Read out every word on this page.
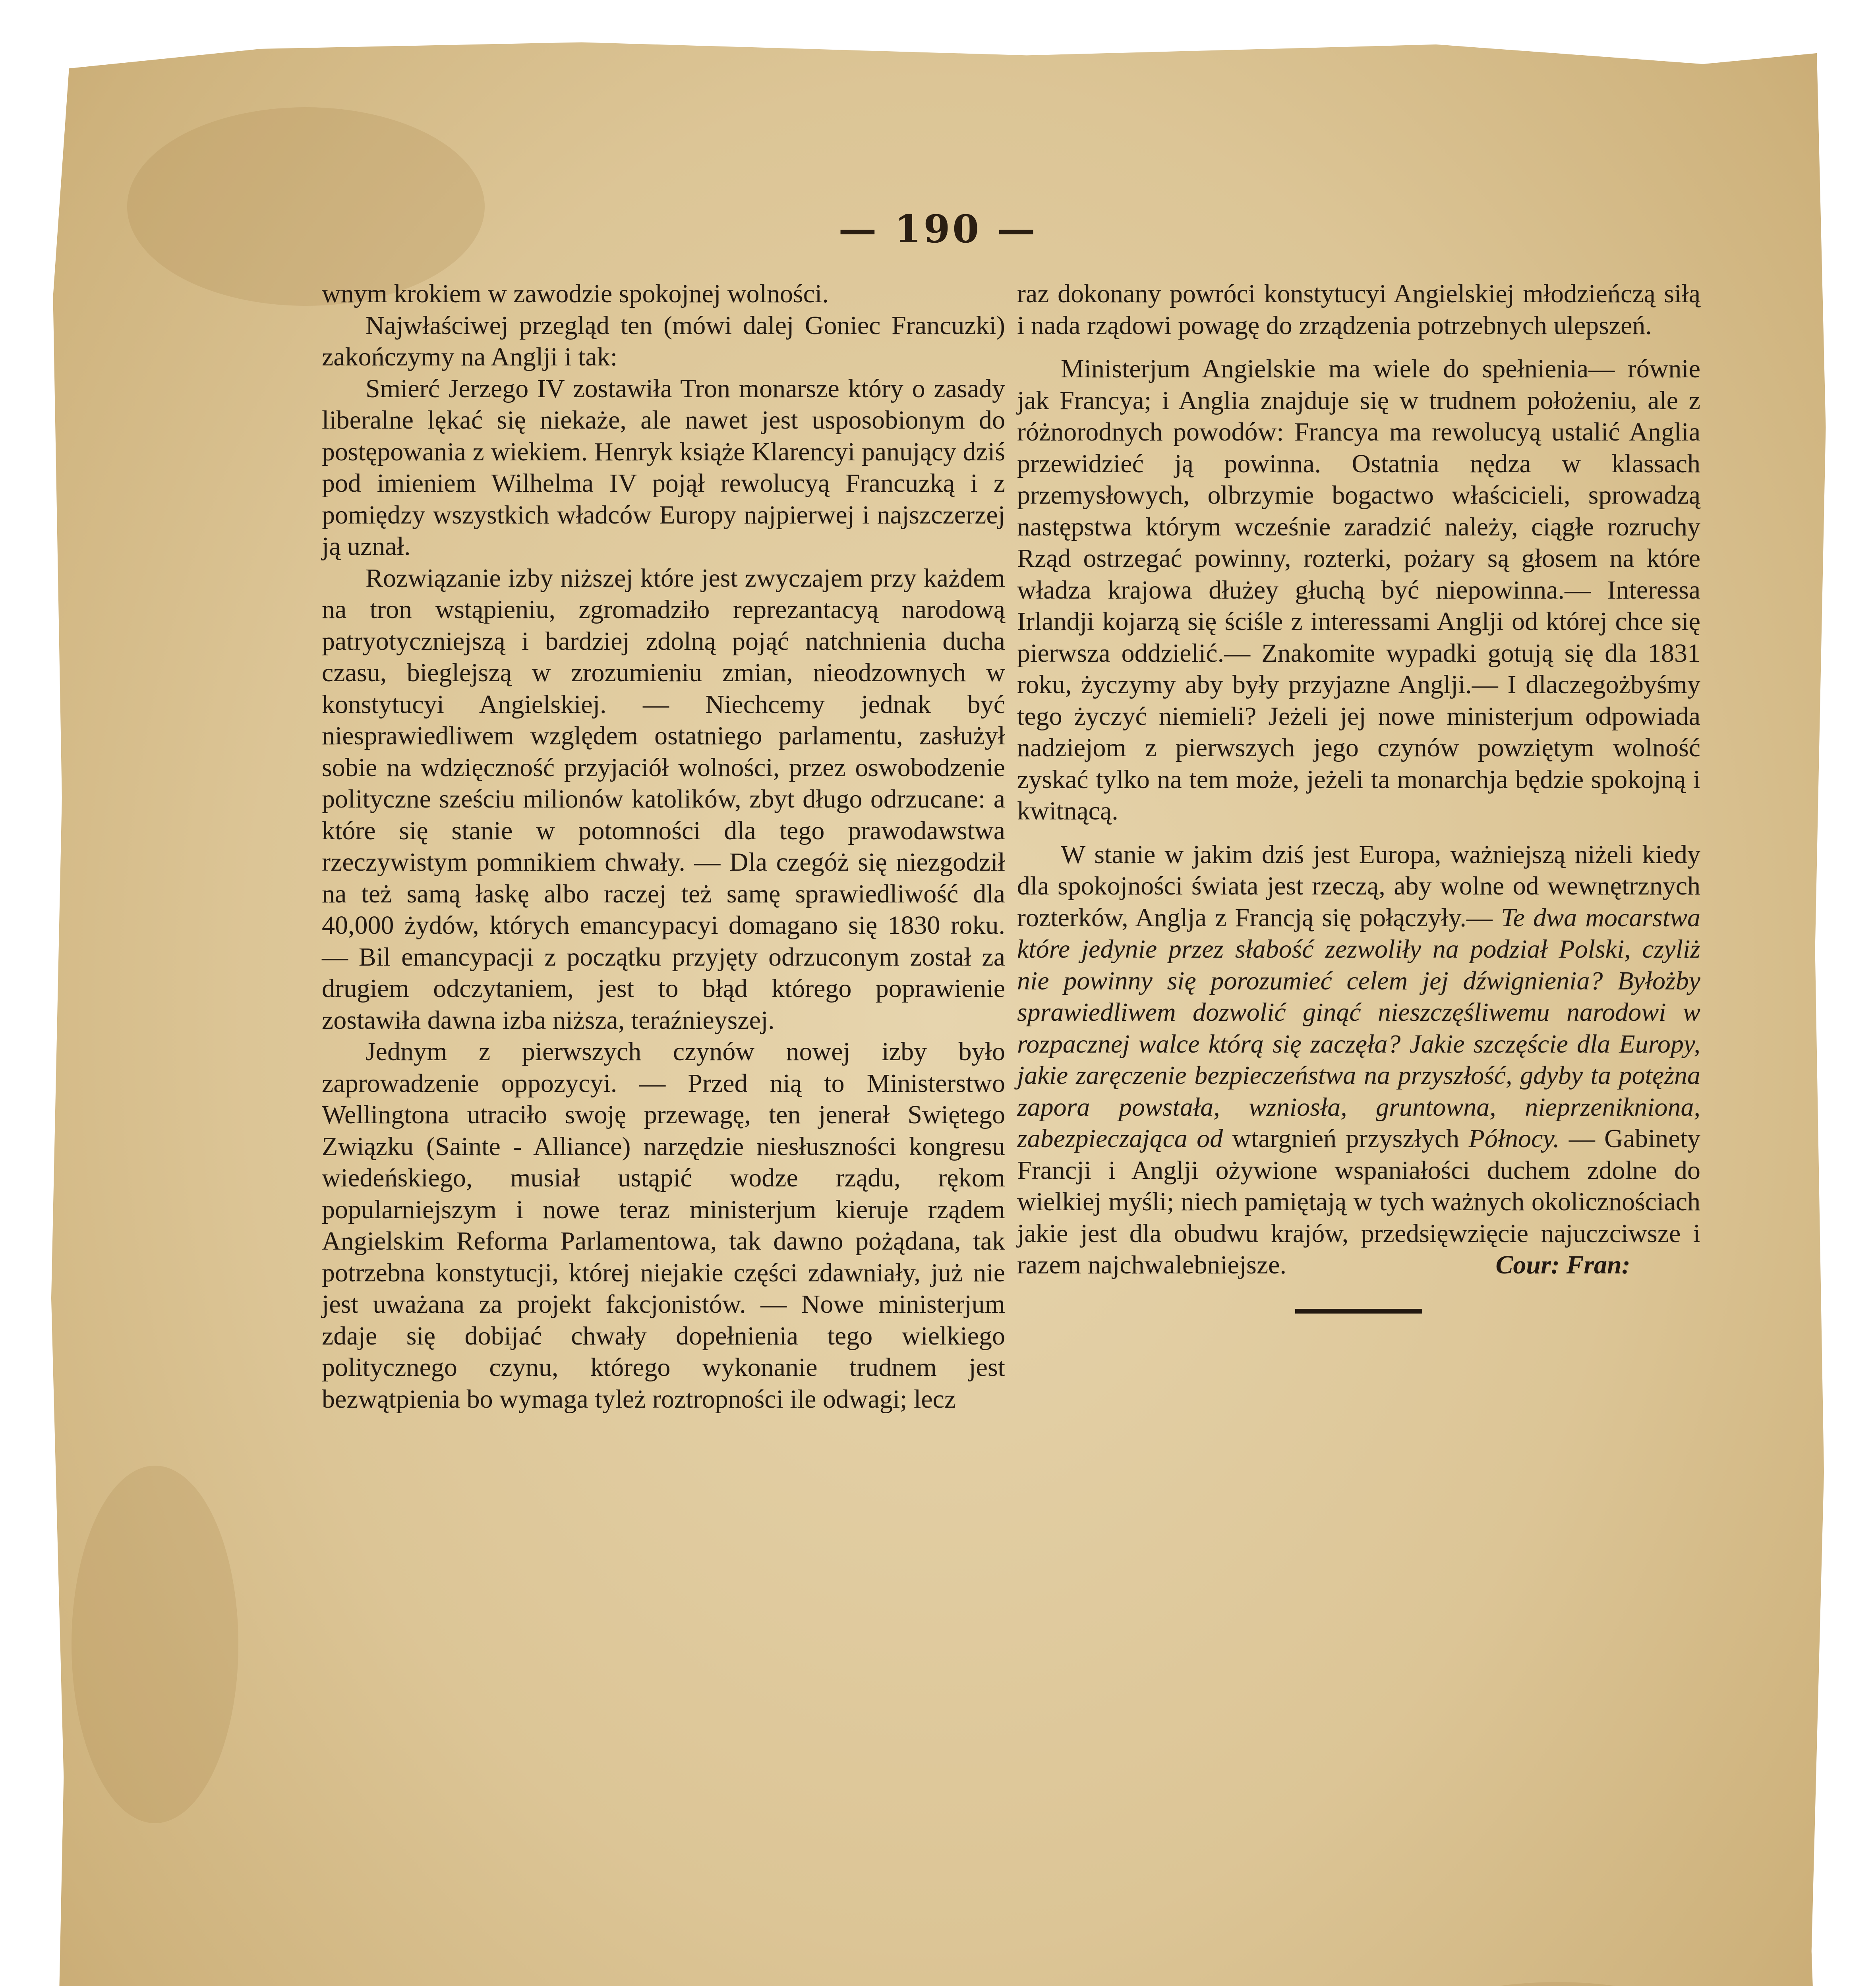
— 190 —

wnym krokiem w zawodzie spokojnej wolności.

Najwłaściwej przegląd ten (mówi dalej Goniec Francuzki) zakończymy na Anglji i tak:

Smierć Jerzego IV zostawiła Tron monarsze który o zasady liberalne lękać się niekaże, ale nawet jest usposobionym do postępowania z wiekiem. Henryk książe Klarencyi panujący dziś pod imieniem Wilhelma IV pojął rewolucyą Francuzką i z pomiędzy wszystkich władców Europy najpierwej i najszczerzej ją uznał.

Rozwiązanie izby niższej które jest zwyczajem przy każdem na tron wstąpieniu, zgromadziło reprezantacyą narodową patryotyczniejszą i bardziej zdolną pojąć natchnienia ducha czasu, bieglejszą w zrozumieniu zmian, nieodzownych w konstytucyi Angielskiej. — Niechcemy jednak być niesprawiedliwem względem ostatniego parlamentu, zasłużył sobie na wdzięczność przyjaciół wolności, przez oswobodzenie polityczne sześciu milionów katolików, zbyt długo odrzucane: a które się stanie w potomności dla tego prawodawstwa rzeczywistym pomnikiem chwały. — Dla czegóż się niezgodził na też samą łaskę albo raczej też samę sprawiedliwość dla 40,000 żydów, których emancypacyi domagano się 1830 roku. — Bil emancypacji z początku przyjęty odrzuconym został za drugiem odczytaniem, jest to błąd którego poprawienie zostawiła dawna izba niższa, teraźnieyszej.

Jednym z pierwszych czynów nowej izby było zaprowadzenie oppozycyi. — Przed nią to Ministerstwo Wellingtona utraciło swoję przewagę, ten jenerał Swiętego Związku (Sainte - Alliance) narzędzie niesłuszności kongresu wiedeńskiego, musiał ustąpić wodze rządu, rękom popularniejszym i nowe teraz ministerjum kieruje rządem Angielskim Reforma Parlamentowa, tak dawno pożądana, tak potrzebna konstytucji, której niejakie części zdawniały, już nie jest uważana za projekt fakcjonistów. — Nowe ministerjum zdaje się dobijać chwały dopełnienia tego wielkiego politycznego czynu, którego wykonanie trudnem jest bezwątpienia bo wymaga tyleż roztropności ile odwagi; lecz

raz dokonany powróci konstytucyi Angielskiej młodzieńczą siłą i nada rządowi powagę do zrządzenia potrzebnych ulepszeń.

Ministerjum Angielskie ma wiele do spełnienia— równie jak Francya; i Anglia znajduje się w trudnem położeniu, ale z różnorodnych powodów: Francya ma rewolucyą ustalić Anglia przewidzieć ją powinna. Ostatnia nędza w klassach przemysłowych, olbrzymie bogactwo właścicieli, sprowadzą następstwa którym wcześnie zaradzić należy, ciągłe rozruchy Rząd ostrzegać powinny, rozterki, pożary są głosem na które władza krajowa dłużey głuchą być niepowinna.— Interessa Irlandji kojarzą się ściśle z interessami Anglji od której chce się pierwsza oddzielić.— Znakomite wypadki gotują się dla 1831 roku, życzymy aby były przyjazne Anglji.— I dlaczegożbyśmy tego życzyć niemieli? Jeżeli jej nowe ministerjum odpowiada nadziejom z pierwszych jego czynów powziętym wolność zyskać tylko na tem może, jeżeli ta monarchja będzie spokojną i kwitnącą.

W stanie w jakim dziś jest Europa, ważniejszą niżeli kiedy dla spokojności świata jest rzeczą, aby wolne od wewnętrznych rozterków, Anglja z Francją się połączyły.— Te dwa mocarstwa które jedynie przez słabość zezwoliły na podział Polski, czyliż nie powinny się porozumieć celem jej dźwignienia? Byłożby sprawiedliwem dozwolić ginąć nieszczęśliwemu narodowi w rozpacznej walce którą się zaczęła? Jakie szczęście dla Europy, jakie zaręczenie bezpieczeństwa na przyszłość, gdyby ta potężna zapora powstała, wzniosła, gruntowna, nieprzenikniona, zabezpieczająca od wtargnień przyszłych Północy. — Gabinety Francji i Anglji ożywione wspaniałości duchem zdolne do wielkiej myśli; niech pamiętają w tych ważnych okolicznościach jakie jest dla obudwu krajów, przedsięwzięcie najuczciwsze i razem najchwalebniejsze.	Cour: Fran:
